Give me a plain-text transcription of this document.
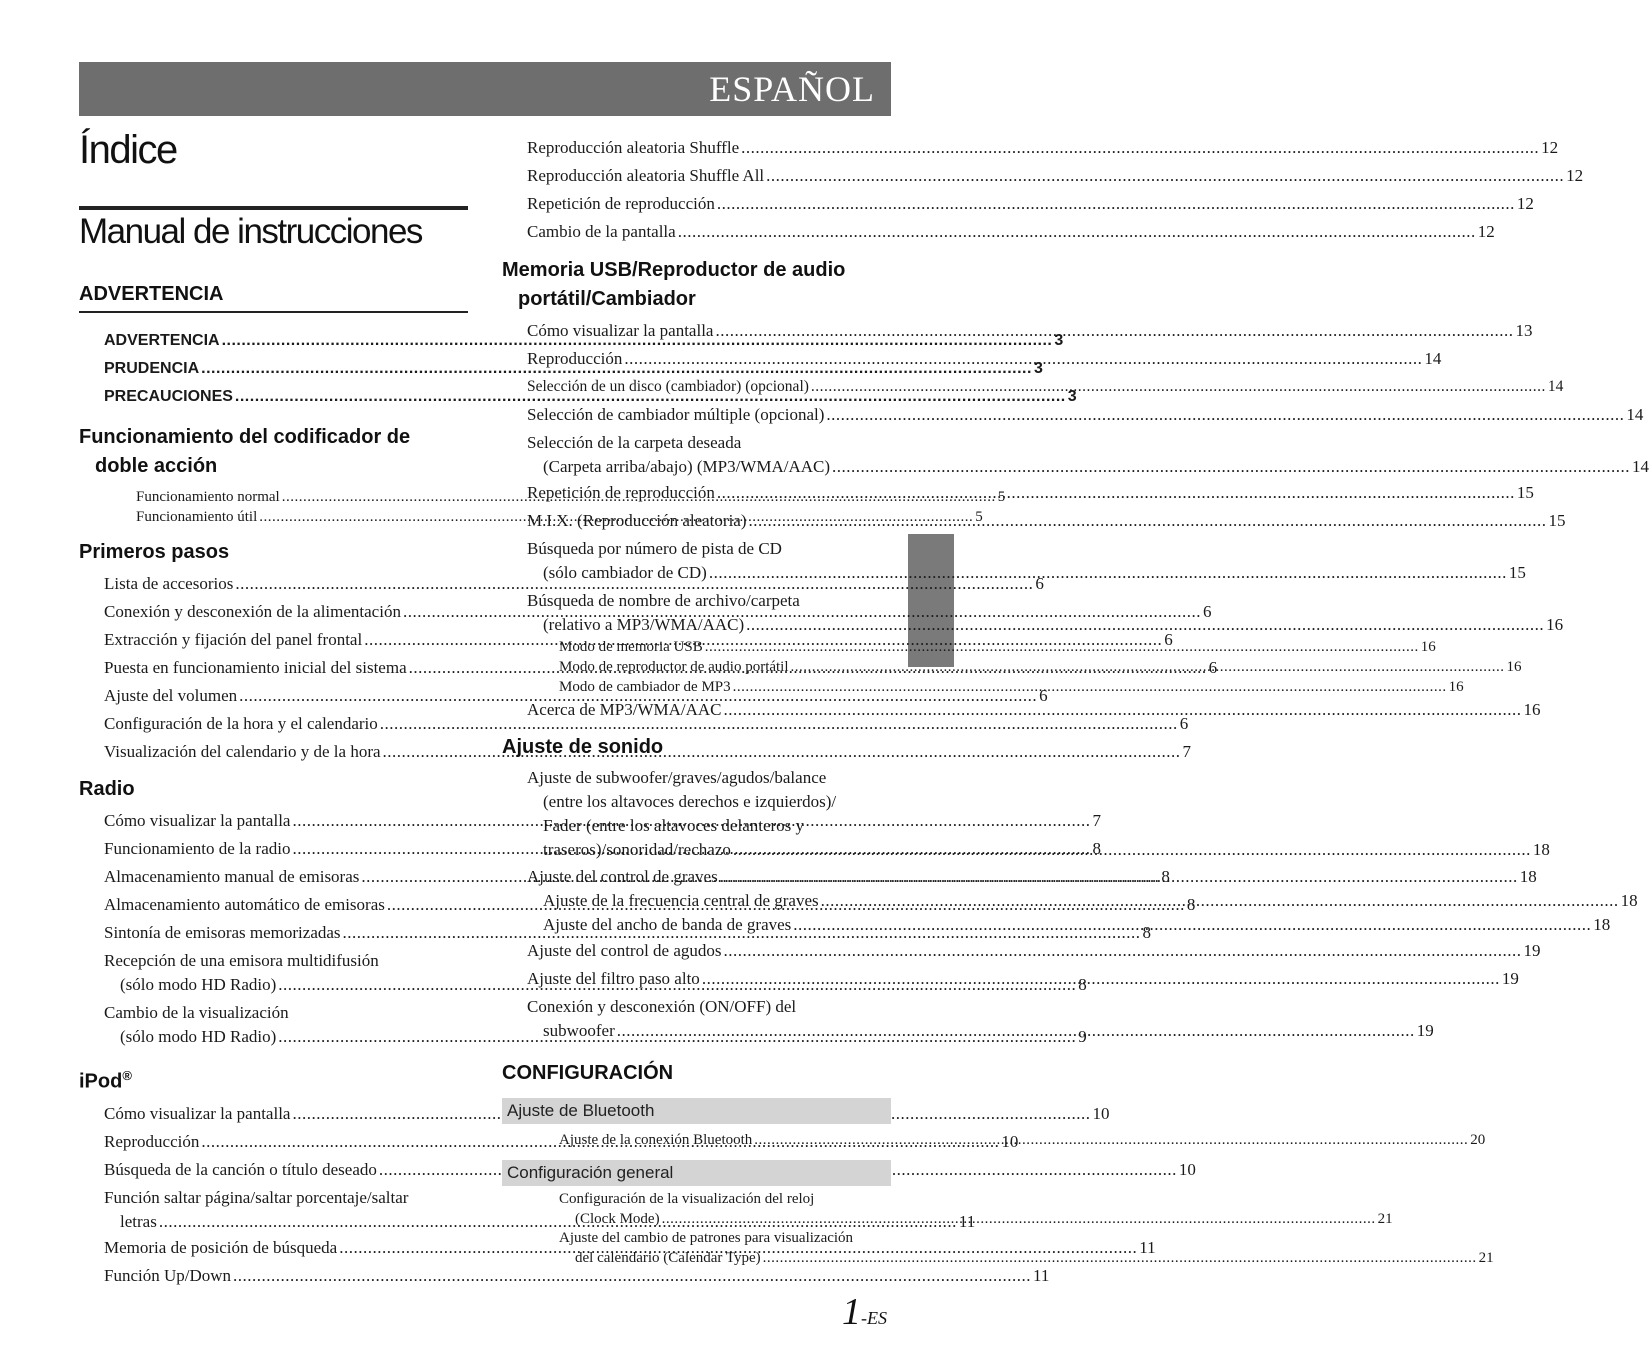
ESPAÑOL
Índice
Manual de instrucciones
ADVERTENCIA
ADVERTENCIA .....	3
PRUDENCIA .....	3
PRECAUCIONES .....	3
Funcionamiento del codificador de
doble acción
Funcionamiento normal .....	5
Funcionamiento útil .....	5
Primeros pasos
Lista de accesorios .....	6
Conexión y desconexión de la alimentación .....	6
Extracción y fijación del panel frontal .....	6
Puesta en funcionamiento inicial del sistema .....	6
Ajuste del volumen .....	6
Configuración de la hora y el calendario .....	6
Visualización del calendario y de la hora .....	7
Radio
Cómo visualizar la pantalla .....	7
Funcionamiento de la radio .....	8
Almacenamiento manual de emisoras .....	8
Almacenamiento automático de emisoras .....	8
Sintonía de emisoras memorizadas .....	8
Recepción de una emisora multidifusión
(sólo modo HD Radio) .....	8
Cambio de la visualización
(sólo modo HD Radio) .....	9
iPod®
Cómo visualizar la pantalla .....	10
Reproducción .....	10
Búsqueda de la canción o título deseado .....	10
Función saltar página/saltar porcentaje/saltar
letras .....	11
Memoria de posición de búsqueda .....	11
Función Up/Down .....	11
Reproducción aleatoria Shuffle .....	12
Reproducción aleatoria Shuffle All .....	12
Repetición de reproducción .....	12
Cambio de la pantalla .....	12
Memoria USB/Reproductor de audio
portátil/Cambiador
Cómo visualizar la pantalla .....	13
Reproducción .....	14
Selección de un disco (cambiador) (opcional) .....	14
Selección de cambiador múltiple (opcional) .....	14
Selección de la carpeta deseada
(Carpeta arriba/abajo) (MP3/WMA/AAC) .....	14
Repetición de reproducción .....	15
M.I.X. (Reproducción aleatoria) .....	15
Búsqueda por número de pista de CD
(sólo cambiador de CD) .....	15
Búsqueda de nombre de archivo/carpeta
(relativo a MP3/WMA/AAC) .....	16
Modo de memoria USB .....	16
Modo de reproductor de audio portátil .....	16
Modo de cambiador de MP3 .....	16
Acerca de MP3/WMA/AAC .....	16
Ajuste de sonido
Ajuste de subwoofer/graves/agudos/balance
(entre los altavoces derechos e izquierdos)/
Fader (entre los altavoces delanteros y
traseros)/sonoridad/rechazo .....	18
Ajuste del control de graves .....	18
Ajuste de la frecuencia central de graves .....	18
Ajuste del ancho de banda de graves .....	18
Ajuste del control de agudos .....	19
Ajuste del filtro paso alto .....	19
Conexión y desconexión (ON/OFF) del
subwoofer .....	19
CONFIGURACIÓN
Ajuste de Bluetooth
Ajuste de la conexión Bluetooth .....	20
Configuración general
Configuración de la visualización del reloj
(Clock Mode) .....	21
Ajuste del cambio de patrones para visualización
del calendario (Calendar Type) .....	21
1-ES
